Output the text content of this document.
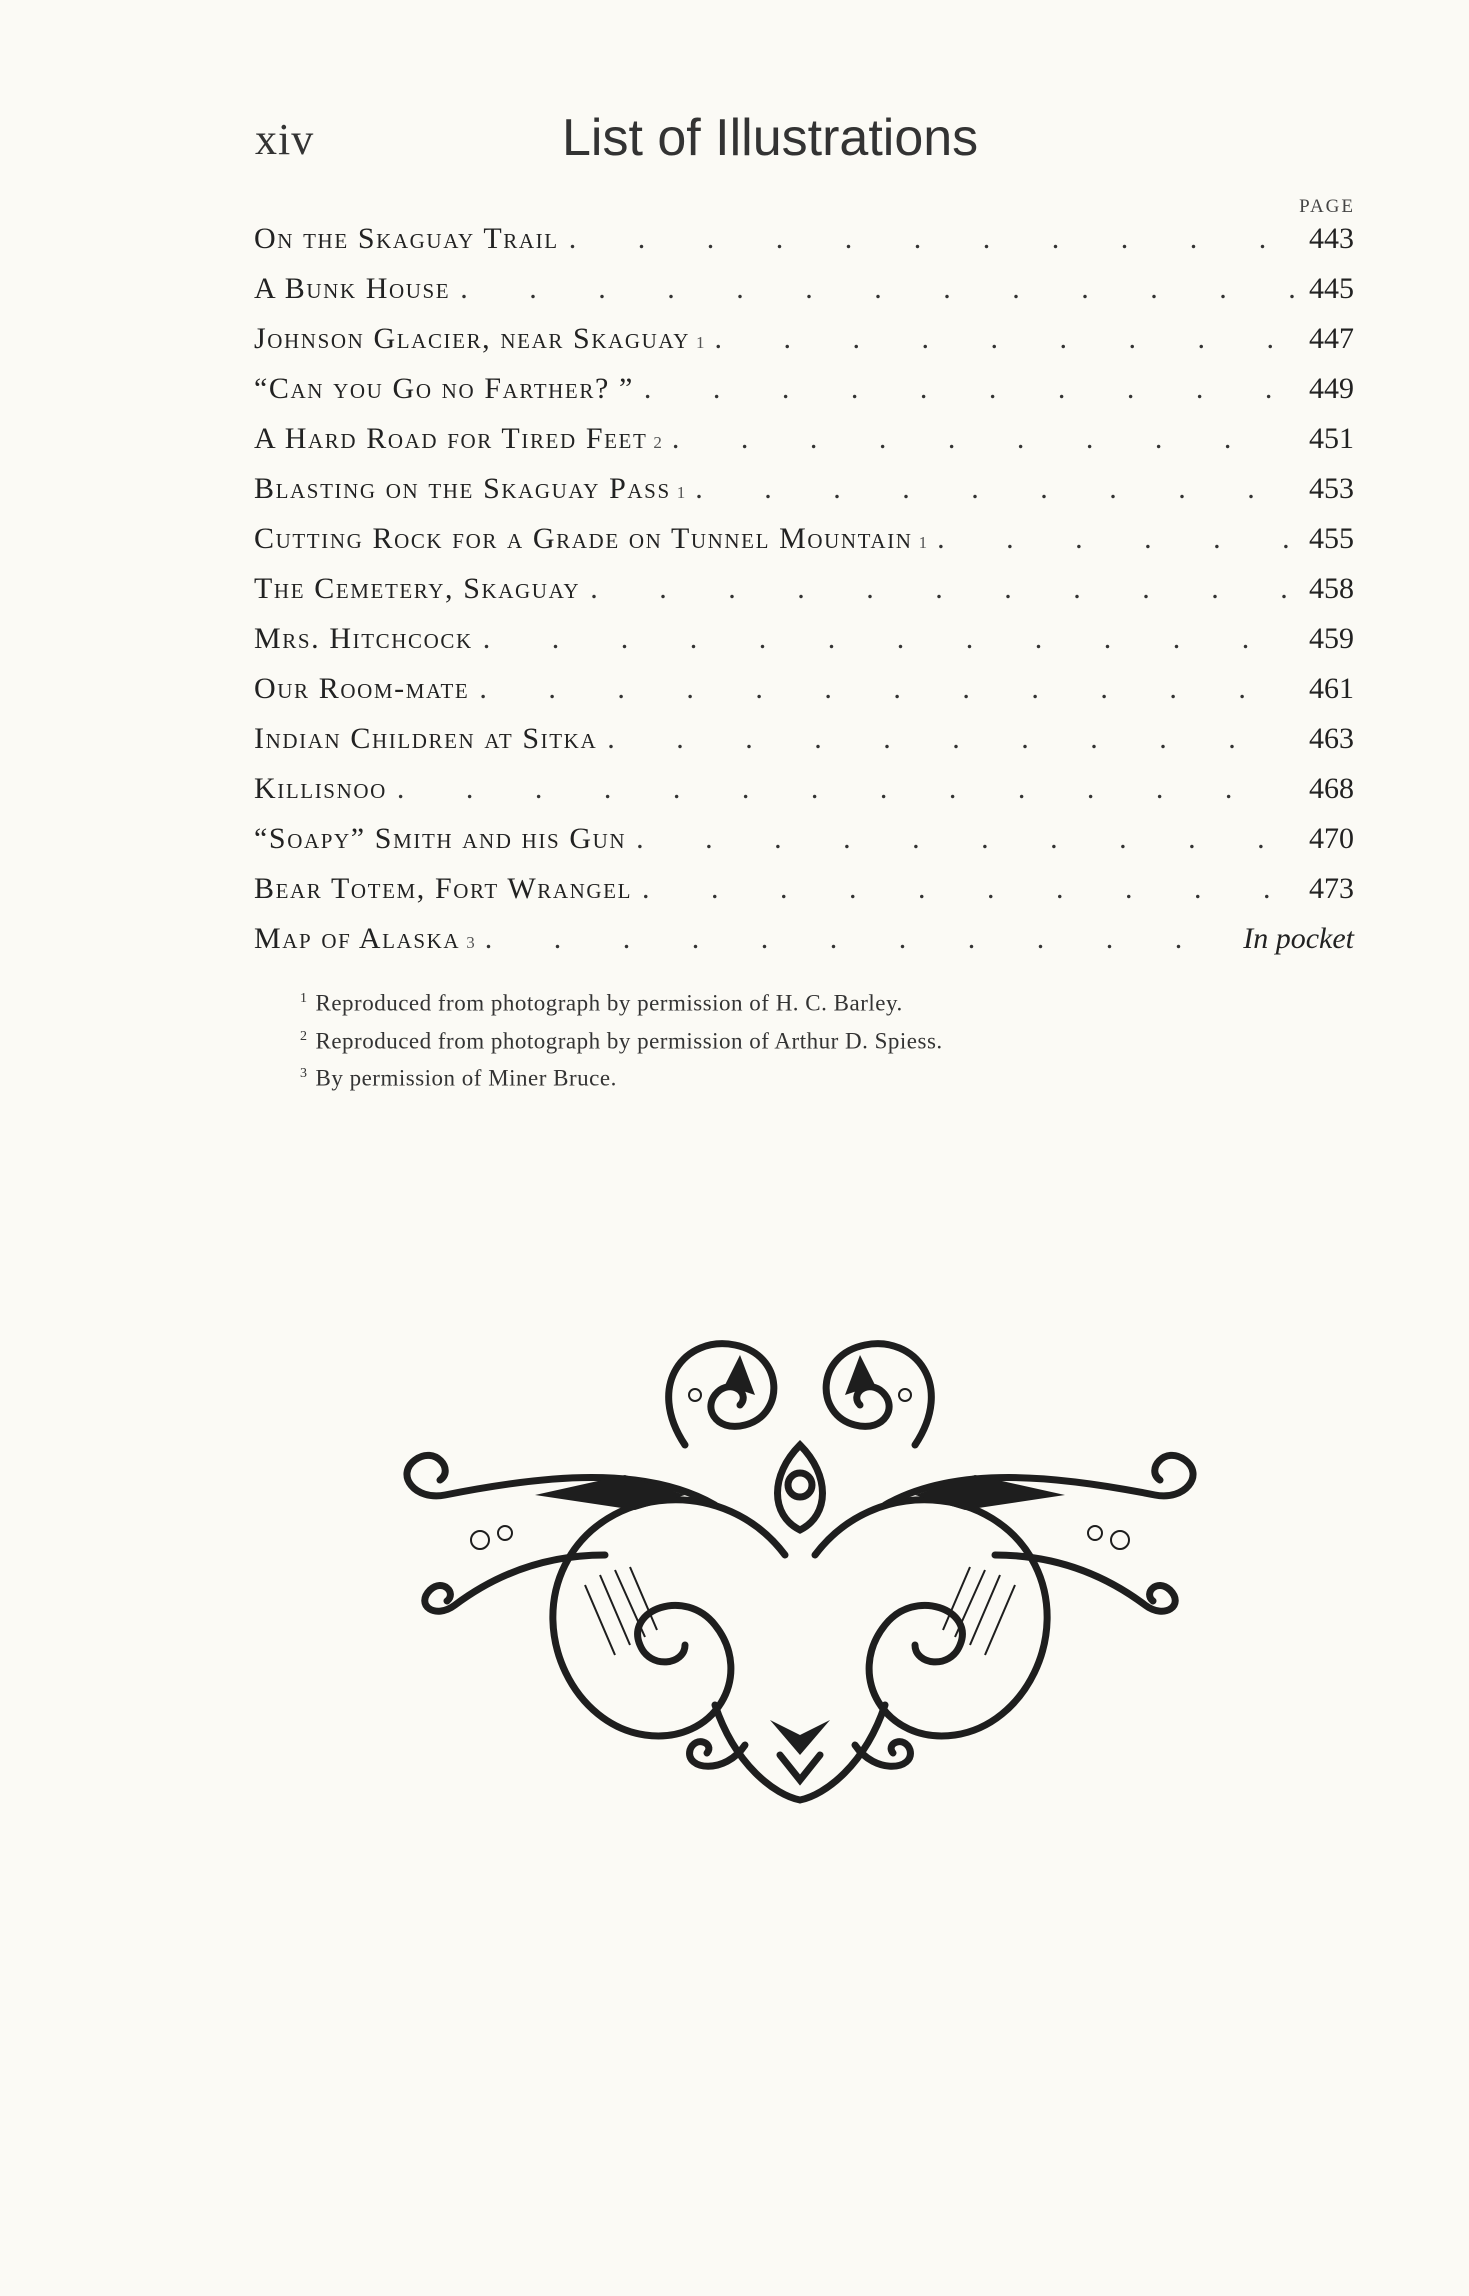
xiv	List of Illustrations
PAGE
On the Skaguay Trail . . .	443
A Bunk House . . .	445
Johnson Glacier, near Skaguay 1 . . .	447
“Can you Go no Farther? ” . . .	449
A Hard Road for Tired Feet 2 . . .	451
Blasting on the Skaguay Pass 1 . . .	453
Cutting Rock for a Grade on Tunnel Mountain 1 . . .	455
The Cemetery, Skaguay . . .	458
Mrs. Hitchcock . . .	459
Our Room-mate . . .	461
Indian Children at Sitka . . .	463
Killisnoo . . .	468
“Soapy” Smith and his Gun . . .	470
Bear Totem, Fort Wrangel . . .	473
Map of Alaska 3 . . .	In pocket
$^1$ Reproduced from photograph by permission of H. C. Barley.
$^2$ Reproduced from photograph by permission of Arthur D. Spiess.
$^3$ By permission of Miner Bruce.
